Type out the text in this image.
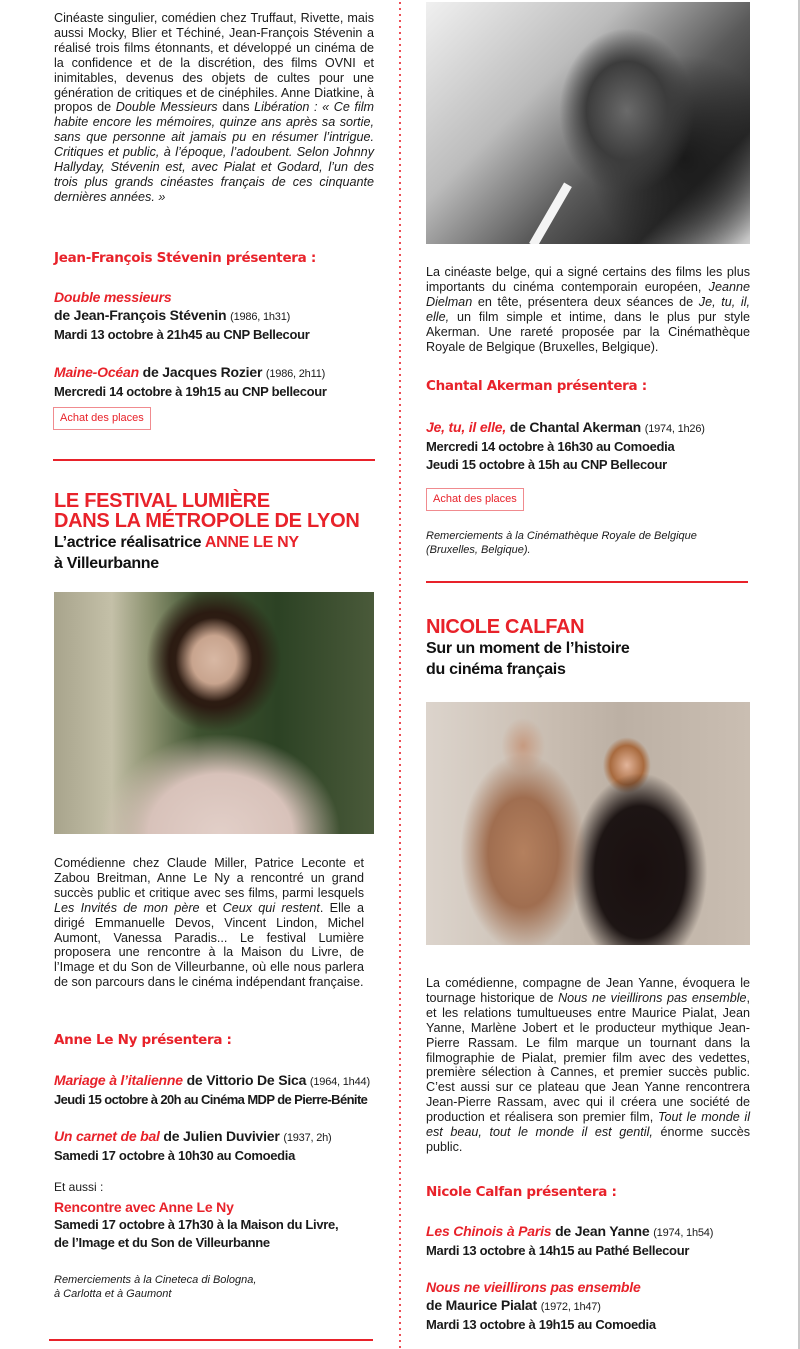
Cinéaste singulier, comédien chez Truffaut, Rivette, mais aussi Mocky, Blier et Téchiné, Jean-François Stévenin a réalisé trois films étonnants, et développé un cinéma de la confidence et de la discrétion, des films OVNI et inimitables, devenus des objets de cultes pour une génération de critiques et de cinéphiles. Anne Diatkine, à propos de Double Messieurs dans Libération : « Ce film habite encore les mémoires, quinze ans après sa sortie, sans que personne ait jamais pu en résumer l’intrigue. Critiques et public, à l’époque, l’adoubent. Selon Johnny Hallyday, Stévenin est, avec Pialat et Godard, l’un des trois plus grands cinéastes français de ces cinquante dernières années. »

Jean-François Stévenin présentera :
Double messieurs
de Jean-François Stévenin (1986, 1h31)
Mardi 13 octobre à 21h45 au CNP Bellecour
Maine-Océan de Jacques Rozier (1986, 2h11)
Mercredi 14 octobre à 19h15 au CNP bellecour
Achat des places
LE FESTIVAL LUMIÈRE
DANS LA MÉTROPOLE DE LYON
L’actrice réalisatrice ANNE LE NY
à Villeurbanne

Comédienne chez Claude Miller, Patrice Leconte et Zabou Breitman, Anne Le Ny a rencontré un grand succès public et critique avec ses films, parmi lesquels Les Invités de mon père et Ceux qui restent. Elle a dirigé Emmanuelle Devos, Vincent Lindon, Michel Aumont, Vanessa Paradis... Le festival Lumière proposera une rencontre à la Maison du Livre, de l’Image et du Son de Villeurbanne, où elle nous parlera de son parcours dans le cinéma indépendant française.

Anne Le Ny présentera :
Mariage à l’italienne de Vittorio De Sica (1964, 1h44)
Jeudi 15 octobre à 20h au Cinéma MDP de Pierre-Bénite
Un carnet de bal de Julien Duvivier (1937, 2h)
Samedi 17 octobre à 10h30 au Comoedia
Et aussi :
Rencontre avec Anne Le Ny
Samedi 17 octobre à 17h30 à la Maison du Livre,
de l’Image et du Son de Villeurbanne
Remerciements à la Cineteca di Bologna,
à Carlotta et à Gaumont

La cinéaste belge, qui a signé certains des films les plus importants du cinéma contemporain européen, Jeanne Dielman en tête, présentera deux séances de Je, tu, il, elle, un film simple et intime, dans le plus pur style Akerman. Une rareté proposée par la Cinémathèque Royale de Belgique (Bruxelles, Belgique).

Chantal Akerman présentera :
Je, tu, il elle, de Chantal Akerman (1974, 1h26)
Mercredi 14 octobre à 16h30 au Comoedia
Jeudi 15 octobre à 15h au CNP Bellecour
Achat des places
Remerciements à la Cinémathèque Royale de Belgique
(Bruxelles, Belgique).
NICOLE CALFAN
Sur un moment de l’histoire
du cinéma français

La comédienne, compagne de Jean Yanne, évoquera le tournage historique de Nous ne vieillirons pas ensemble, et les relations tumultueuses entre Maurice Pialat, Jean Yanne, Marlène Jobert et le producteur mythique Jean-Pierre Rassam. Le film marque un tournant dans la filmographie de Pialat, premier film avec des vedettes, première sélection à Cannes, et premier succès public. C’est aussi sur ce plateau que Jean Yanne rencontrera Jean-Pierre Rassam, avec qui il créera une société de production et réalisera son premier film, Tout le monde il est beau, tout le monde il est gentil, énorme succès public.

Nicole Calfan présentera :
Les Chinois à Paris de Jean Yanne (1974, 1h54)
Mardi 13 octobre à 14h15 au Pathé Bellecour
Nous ne vieillirons pas ensemble
de Maurice Pialat (1972, 1h47)
Mardi 13 octobre à 19h15 au Comoedia
